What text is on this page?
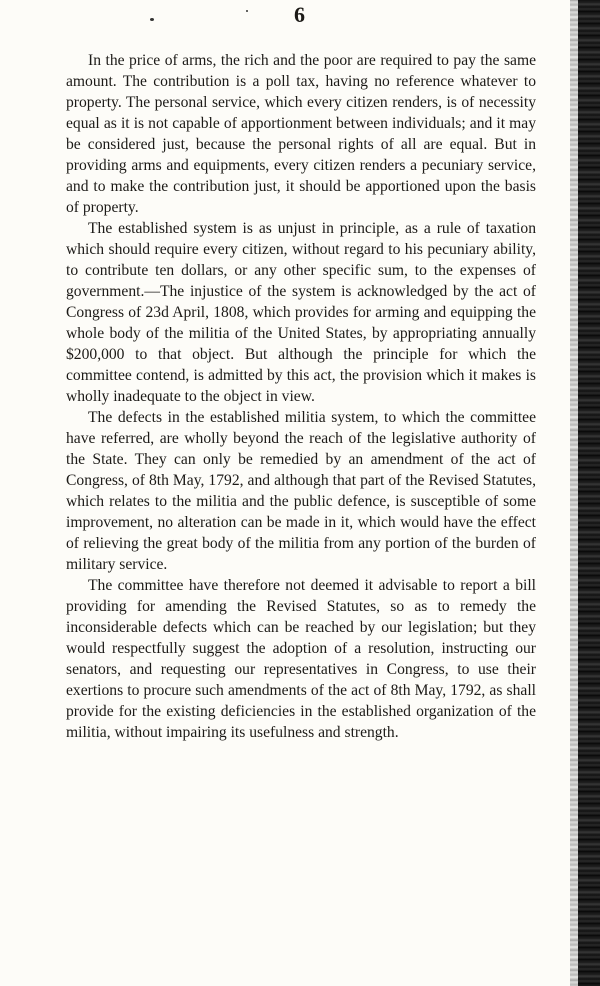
6

In the price of arms, the rich and the poor are required to pay the same amount. The contribution is a poll tax, having no reference whatever to property. The personal service, which every citizen renders, is of necessity equal as it is not capable of apportionment between individuals; and it may be considered just, because the personal rights of all are equal. But in providing arms and equipments, every citizen renders a pecuniary service, and to make the contribution just, it should be apportioned upon the basis of property.

The established system is as unjust in principle, as a rule of taxation which should require every citizen, without regard to his pecuniary ability, to contribute ten dollars, or any other specific sum, to the expenses of government.—The injustice of the system is acknowledged by the act of Congress of 23d April, 1808, which provides for arming and equipping the whole body of the militia of the United States, by appropriating annually $200,000 to that object. But although the principle for which the committee contend, is admitted by this act, the provision which it makes is wholly inadequate to the object in view.

The defects in the established militia system, to which the committee have referred, are wholly beyond the reach of the legislative authority of the State. They can only be remedied by an amendment of the act of Congress, of 8th May, 1792, and although that part of the Revised Statutes, which relates to the militia and the public defence, is susceptible of some improvement, no alteration can be made in it, which would have the effect of relieving the great body of the militia from any portion of the burden of military service.

The committee have therefore not deemed it advisable to report a bill providing for amending the Revised Statutes, so as to remedy the inconsiderable defects which can be reached by our legislation; but they would respectfully suggest the adoption of a resolution, instructing our senators, and requesting our representatives in Congress, to use their exertions to procure such amendments of the act of 8th May, 1792, as shall provide for the existing deficiencies in the established organization of the militia, without impairing its usefulness and strength.
